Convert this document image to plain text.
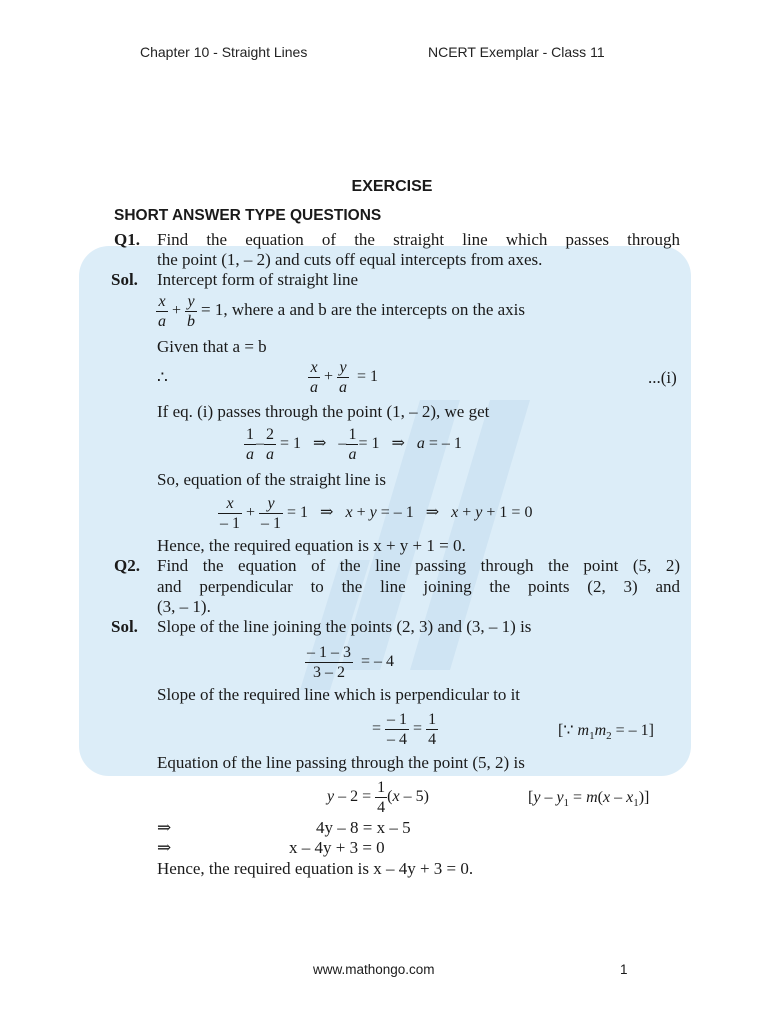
Chapter 10 - Straight Lines	NCERT Exemplar - Class 11
EXERCISE
SHORT ANSWER TYPE QUESTIONS
Q1. Find the equation of the straight line which passes through
the point (1, – 2) and cuts off equal intercepts from axes.
Sol. Intercept form of straight line
$\frac{x}{a} + \frac{y}{b} = 1$, where a and b are the intercepts on the axis
Given that a = b
∴	$\frac{x}{a} + \frac{y}{a} = 1$	...(i)
If eq. (i) passes through the point (1, – 2), we get
$\frac{1}{a} - \frac{2}{a} = 1$   ⇒   – $\frac{1}{a} = 1$   ⇒   a = – 1
So, equation of the straight line is
$\frac{x}{- 1} + \frac{y}{- 1} = 1$   ⇒   x + y = – 1   ⇒   x + y + 1 = 0
Hence, the required equation is x + y + 1 = 0.
Q2. Find the equation of the line passing through the point (5, 2)
and perpendicular to the line joining the points (2, 3) and
(3, – 1).
Sol. Slope of the line joining the points (2, 3) and (3, – 1) is
$\frac{- 1 - 3}{3 - 2}$ = – 4
Slope of the required line which is perpendicular to it
= $\frac{- 1}{- 4} = \frac{1}{4}$	[∵ $m_1m_2$ = – 1]
Equation of the line passing through the point (5, 2) is
$y - 2 = \frac{1}{4} (x - 5)$	$[y - y_1 = m(x - x_1)]$
⇒	4y – 8 = x – 5
⇒	x – 4y + 3 = 0
Hence, the required equation is x – 4y + 3 = 0.
www.mathongo.com	1
